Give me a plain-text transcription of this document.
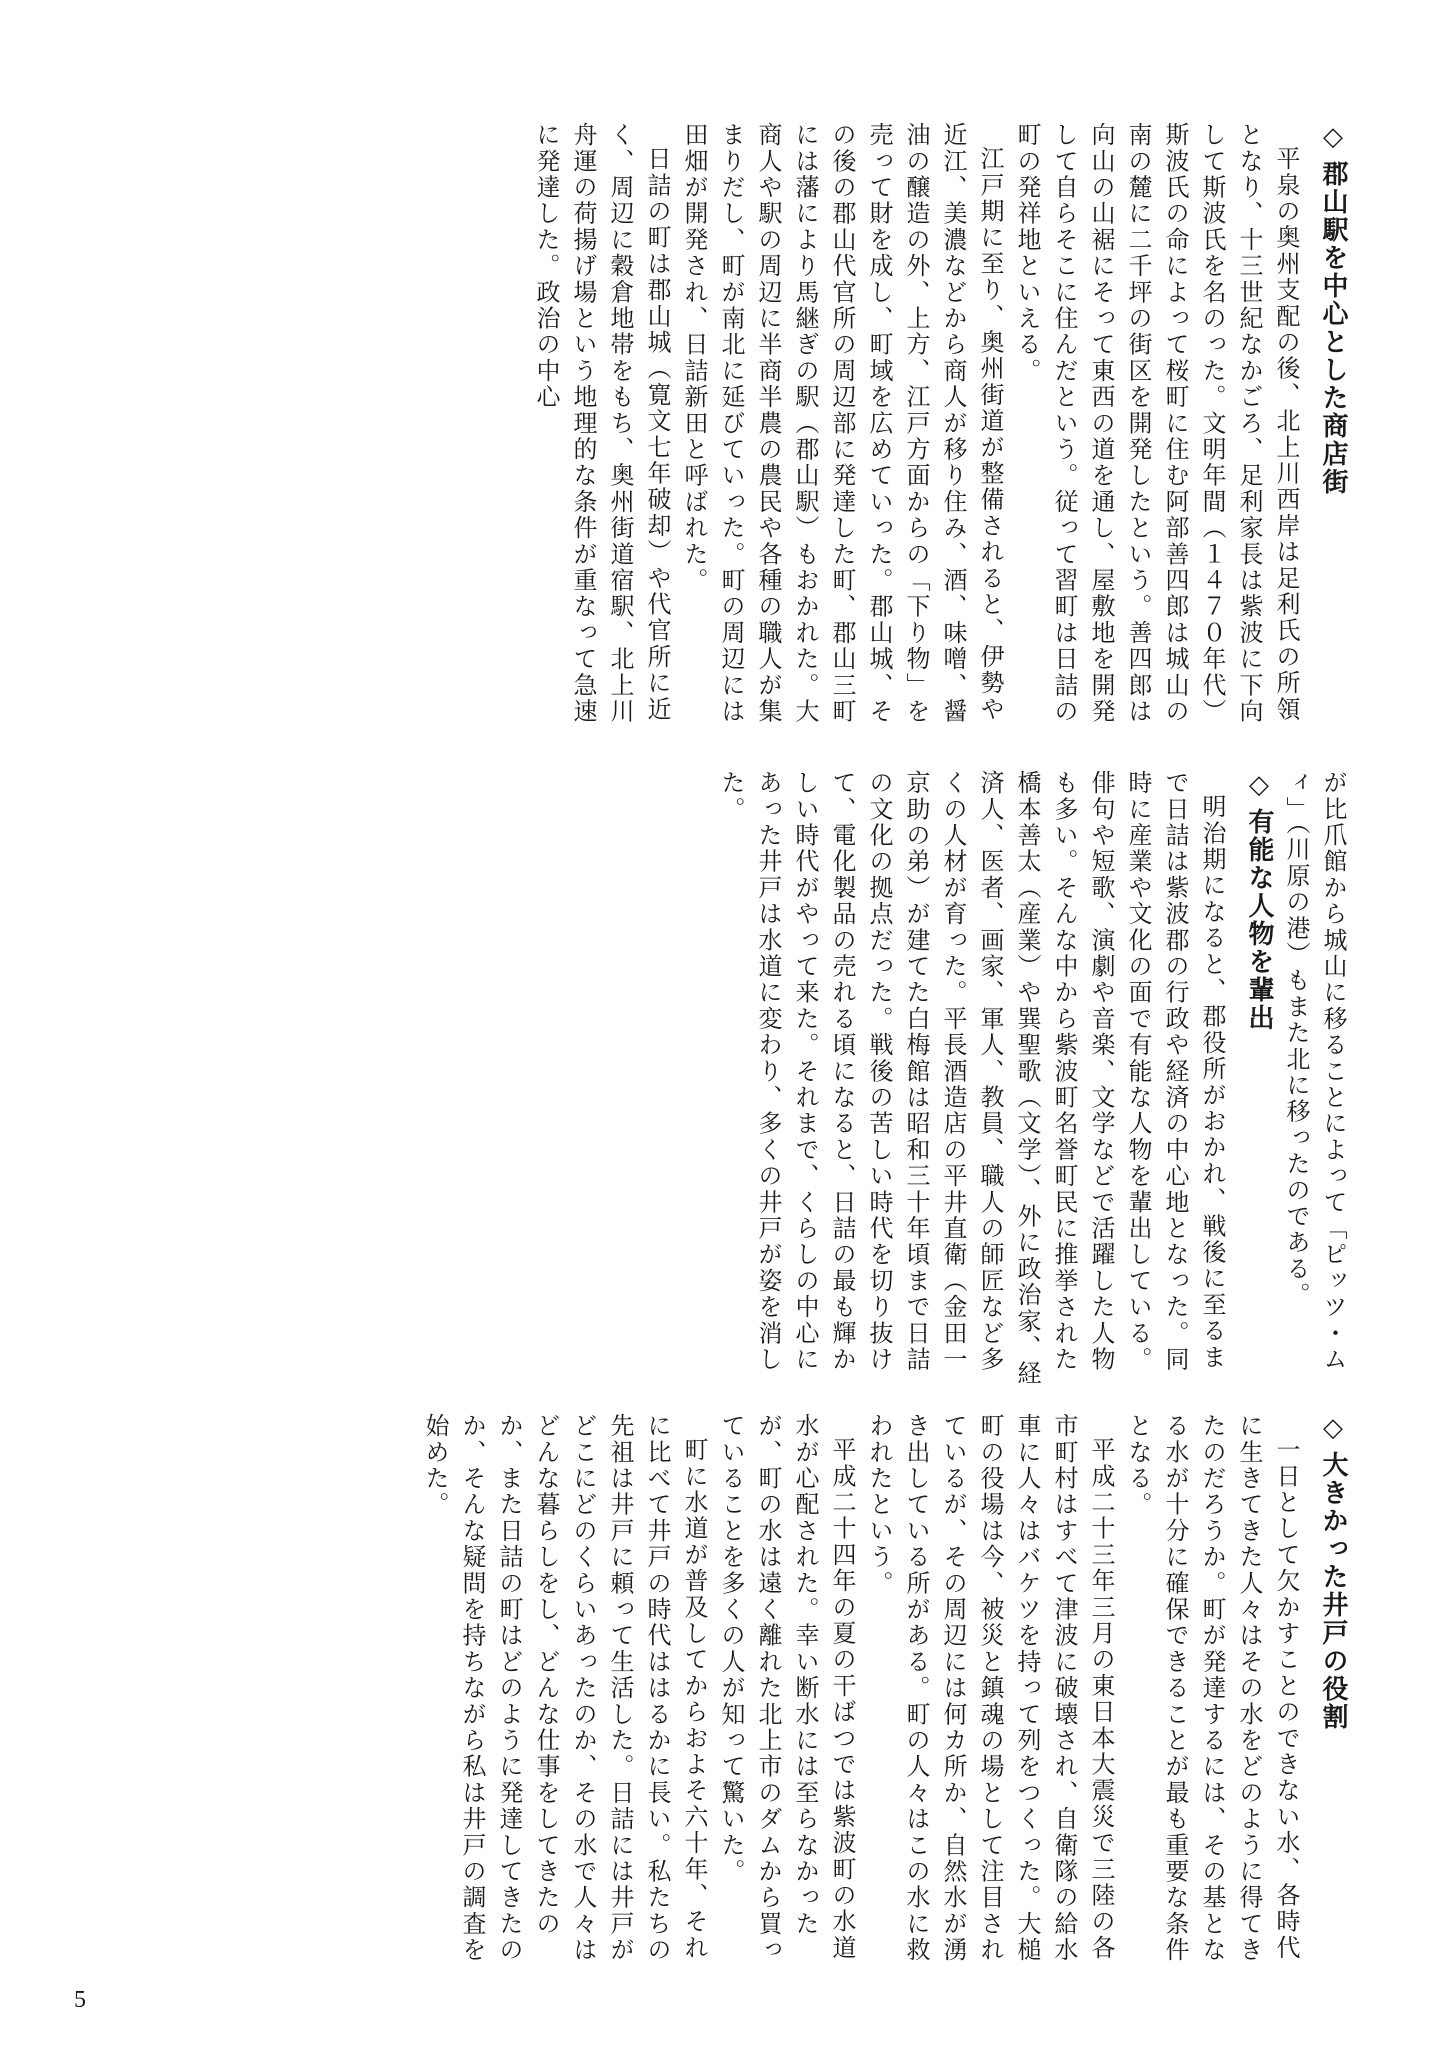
◇郡山駅を中心とした商店街

平泉の奥州支配の後、北上川西岸は足利氏の所領となり、十三世紀なかごろ、足利家長は紫波に下向して斯波氏を名のった。文明年間（１４７０年代）斯波氏の命によって桜町に住む阿部善四郎は城山の南の麓に二千坪の街区を開発したという。善四郎は向山の山裾にそって東西の道を通し、屋敷地を開発して自らそこに住んだという。従って習町は日詰の町の発祥地といえる。

江戸期に至り、奥州街道が整備されると、伊勢や近江、美濃などから商人が移り住み、酒、味噌、醤油の醸造の外、上方、江戸方面からの「下り物」を売って財を成し、町域を広めていった。郡山城、その後の郡山代官所の周辺部に発達した町、郡山三町には藩により馬継ぎの駅（郡山駅）もおかれた。大商人や駅の周辺に半商半農の農民や各種の職人が集まりだし、町が南北に延びていった。町の周辺には田畑が開発され、日詰新田と呼ばれた。

日詰の町は郡山城（寛文七年破却）や代官所に近く、周辺に穀倉地帯をもち、奥州街道宿駅、北上川舟運の荷揚げ場という地理的な条件が重なって急速に発達した。政治の中心

が比爪館から城山に移ることによって「ピッツ・ムィ」（川原の港）もまた北に移ったのである。

◇有能な人物を輩出

明治期になると、郡役所がおかれ、戦後に至るまで日詰は紫波郡の行政や経済の中心地となった。同時に産業や文化の面で有能な人物を輩出している。俳句や短歌、演劇や音楽、文学などで活躍した人物も多い。そんな中から紫波町名誉町民に推挙された橋本善太（産業）や巽聖歌（文学）、外に政治家、経済人、医者、画家、軍人、教員、職人の師匠など多くの人材が育った。平長酒造店の平井直衛（金田一京助の弟）が建てた白梅館は昭和三十年頃まで日詰の文化の拠点だった。戦後の苦しい時代を切り抜けて、電化製品の売れる頃になると、日詰の最も輝かしい時代がやって来た。それまで、くらしの中心にあった井戸は水道に変わり、多くの井戸が姿を消した。

◇大きかった井戸の役割

一日として欠かすことのできない水、各時代に生きてきた人々はその水をどのように得てきたのだろうか。町が発達するには、その基となる水が十分に確保できることが最も重要な条件となる。

平成二十三年三月の東日本大震災で三陸の各市町村はすべて津波に破壊され、自衛隊の給水車に人々はバケツを持って列をつくった。大槌町の役場は今、被災と鎮魂の場として注目されているが、その周辺には何カ所か、自然水が湧き出している所がある。町の人々はこの水に救われたという。

平成二十四年の夏の干ばつでは紫波町の水道水が心配された。幸い断水には至らなかったが、町の水は遠く離れた北上市のダムから買っていることを多くの人が知って驚いた。

町に水道が普及してからおよそ六十年、それに比べて井戸の時代ははるかに長い。私たちの先祖は井戸に頼って生活した。日詰には井戸がどこにどのくらいあったのか、その水で人々はどんな暮らしをし、どんな仕事をしてきたのか、また日詰の町はどのように発達してきたのか、そんな疑問を持ちながら私は井戸の調査を始めた。

5
